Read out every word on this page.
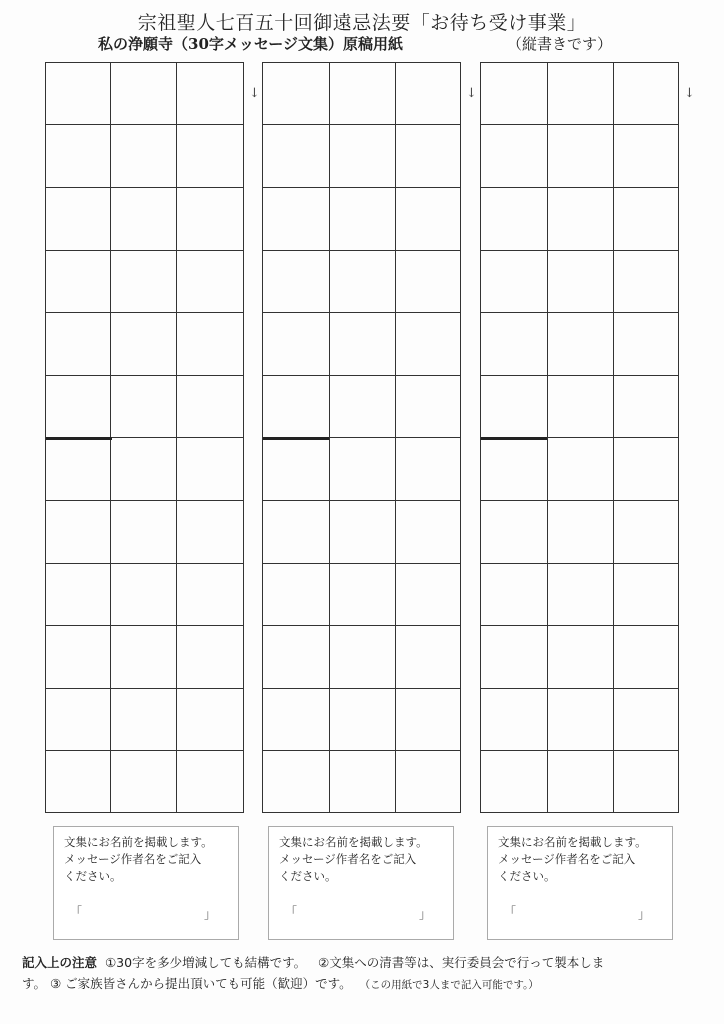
宗祖聖人七百五十回御遠忌法要「お待ち受け事業」
私の浄願寺（30字メッセージ文集）原稿用紙	（縦書きです）
↓	↓	↓
文集にお名前を掲載します。
メッセージ作者名をご記入
ください。
「	」
文集にお名前を掲載します。
メッセージ作者名をご記入
ください。
「	」
文集にお名前を掲載します。
メッセージ作者名をご記入
ください。
「	」
記入上の注意 ①30字を多少増減しても結構です。 ②文集への清書等は、実行委員会で行って製本しま
す。 ③ ご家族皆さんから提出頂いても可能（歓迎）です。 （この用紙で3人まで記入可能です。）
